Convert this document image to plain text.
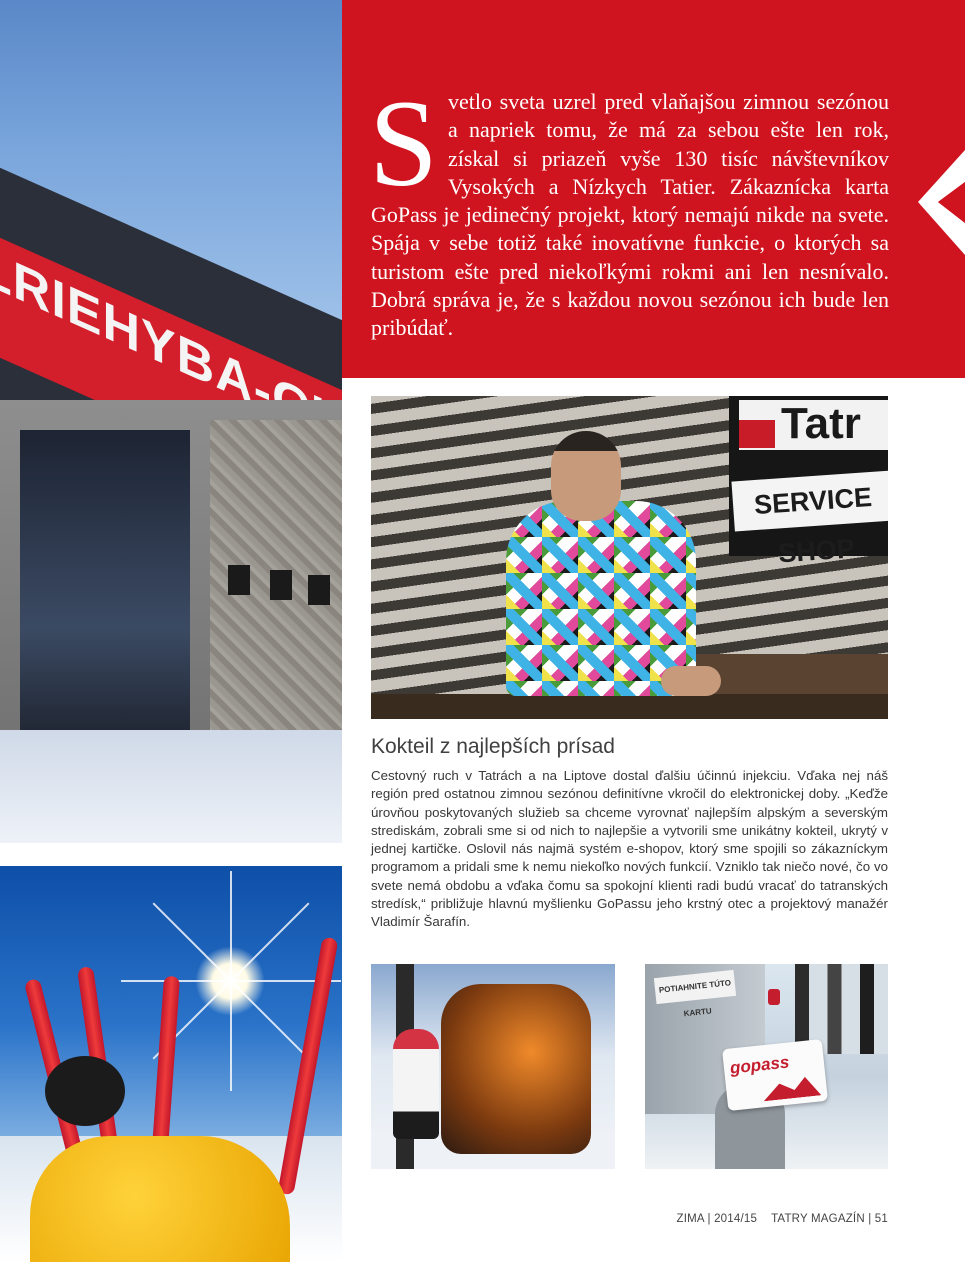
Svetlo sveta uzrel pred vlaňajšou zimnou sezónou a napriek tomu, že má za sebou ešte len rok, získal si priazeň vyše 130 tisíc návštevníkov Vysokých a Nízkych Tatier. Zákaznícka karta GoPass je jedinečný projekt, ktorý nemajú nikde na svete. Spája v sebe totiž také inovatívne funkcie, o ktorých sa turistom ešte pred niekoľkými rokmi ani len nesnívalo. Dobrá správa je, že s každou novou sezónou ich bude len pribúdať.

Tatr
SERVICE SHOP
Kokteil z najlepších prísad

Cestovný ruch v Tatrách a na Liptove dostal ďalšiu účinnú injekciu. Vďaka nej náš región pred ostatnou zimnou sezónou definitívne vkročil do elektronickej doby. „Keďže úrovňou poskytovaných služieb sa chceme vyrovnať najlepším alpským a severským strediskám, zobrali sme si od nich to najlepšie a vytvorili sme unikátny kokteil, ukrytý v jednej kartičke. Oslovil nás najmä systém e-shopov, ktorý sme spojili so zákazníckym programom a pridali sme k nemu niekoľko nových funkcií. Vzniklo tak niečo nové, čo vo svete nemá obdobu a vďaka čomu sa spokojní klienti radi budú vracať do tatranských stredísk,“ približuje hlavnú myšlienku GoPassu jeho krstný otec a projektový manažér Vladimír Šarafín.

POTIAHNITE TÚTO KARTU
gopass
ZIMA | 2014/15 TATRY MAGAZÍN | 51
